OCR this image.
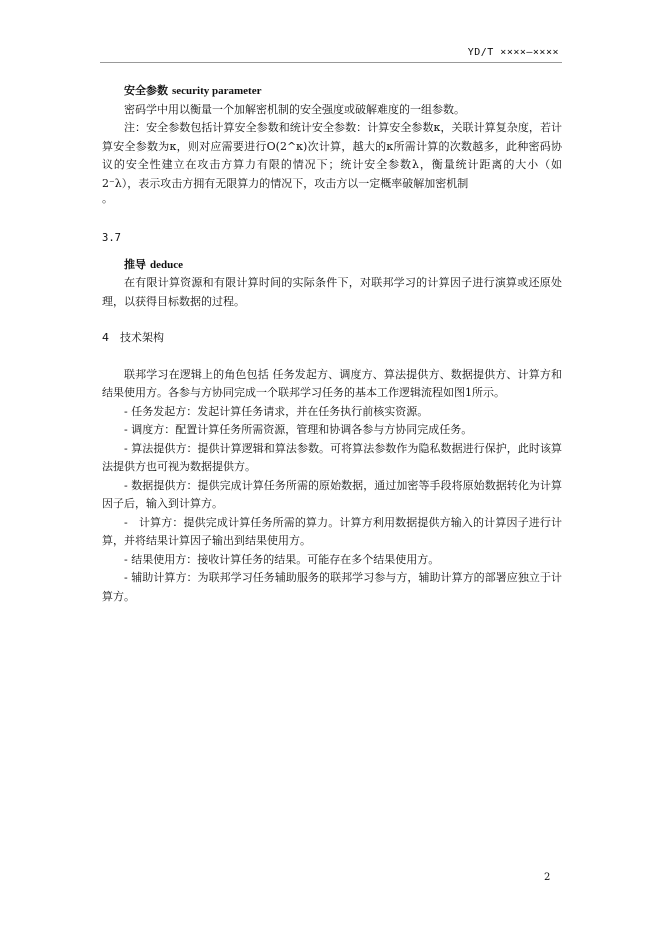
YD/T ××××—××××

安全参数 security parameter

密码学中用以衡量一个加解密机制的安全强度或破解难度的一组参数。

注：安全参数包括计算安全参数和统计安全参数：计算安全参数κ，关联计算复杂度，若计算安全参数为κ，则对应需要进行O(2^κ)次计算，越大的κ所需计算的次数越多，此种密码协议的安全性建立在攻击方算力有限的情况下；统计安全参数λ，衡量统计距离的大小（如 2⁻λ），表示攻击方拥有无限算力的情况下，攻击方以一定概率破解加密机制

。

3.7

推导 deduce

在有限计算资源和有限计算时间的实际条件下，对联邦学习的计算因子进行演算或还原处理，以获得目标数据的过程。

4　技术架构

联邦学习在逻辑上的角色包括 任务发起方、调度方、算法提供方、数据提供方、计算方和结果使用方。各参与方协同完成一个联邦学习任务的基本工作逻辑流程如图1所示。

- 任务发起方：发起计算任务请求，并在任务执行前核实资源。

- 调度方：配置计算任务所需资源，管理和协调各参与方协同完成任务。

- 算法提供方：提供计算逻辑和算法参数。可将算法参数作为隐私数据进行保护，此时该算法提供方也可视为数据提供方。

- 数据提供方：提供完成计算任务所需的原始数据，通过加密等手段将原始数据转化为计算因子后，输入到计算方。

-　计算方：提供完成计算任务所需的算力。计算方利用数据提供方输入的计算因子进行计算，并将结果计算因子输出到结果使用方。

- 结果使用方：接收计算任务的结果。可能存在多个结果使用方。

- 辅助计算方：为联邦学习任务辅助服务的联邦学习参与方，辅助计算方的部署应独立于计算方。

2
